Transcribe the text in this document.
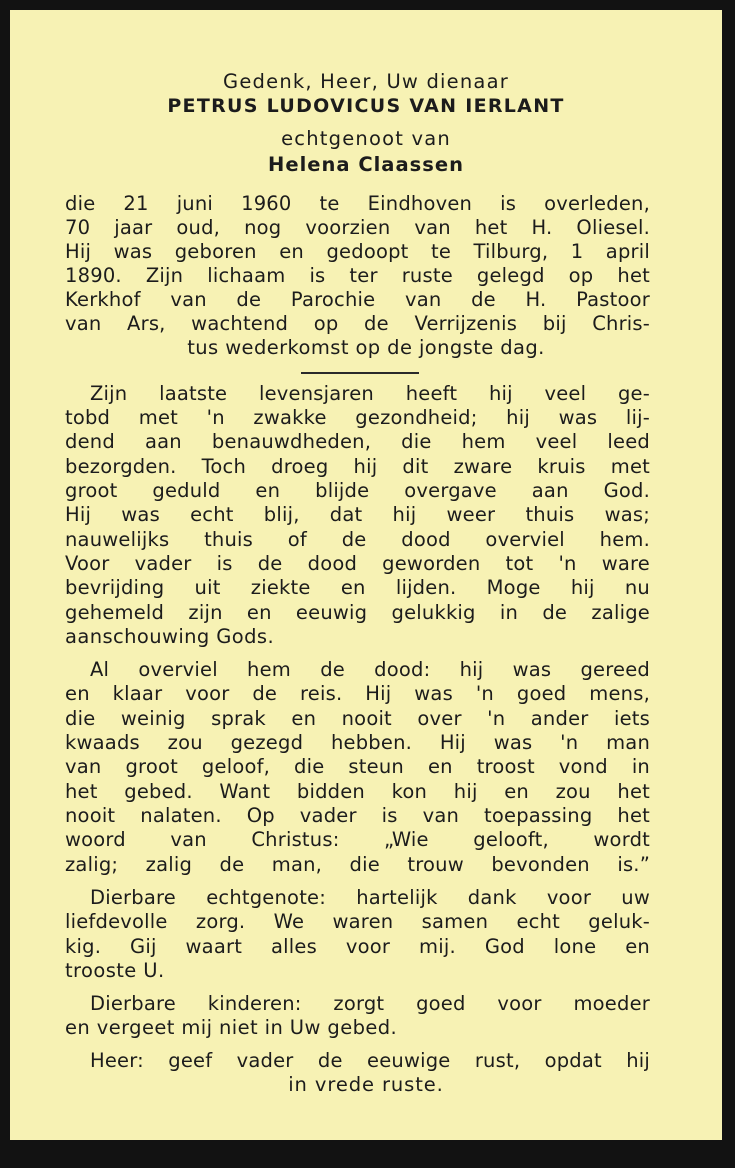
Gedenk, Heer, Uw dienaar

PETRUS LUDOVICUS VAN IERLANT

echtgenoot van

Helena Claassen

die 21 juni 1960 te Eindhoven is overleden,

70 jaar oud, nog voorzien van het H. Oliesel.

Hij was geboren en gedoopt te Tilburg, 1 april

1890. Zijn lichaam is ter ruste gelegd op het

Kerkhof van de Parochie van de H. Pastoor

van Ars, wachtend op de Verrijzenis bij Chris-

tus wederkomst op de jongste dag.

Zijn laatste levensjaren heeft hij veel ge-

tobd met 'n zwakke gezondheid; hij was lij-

dend aan benauwdheden, die hem veel leed

bezorgden. Toch droeg hij dit zware kruis met

groot geduld en blijde overgave aan God.

Hij was echt blij, dat hij weer thuis was;

nauwelijks thuis of de dood overviel hem.

Voor vader is de dood geworden tot 'n ware

bevrijding uit ziekte en lijden. Moge hij nu

gehemeld zijn en eeuwig gelukkig in de zalige

aanschouwing Gods.

Al overviel hem de dood: hij was gereed

en klaar voor de reis. Hij was 'n goed mens,

die weinig sprak en nooit over 'n ander iets

kwaads zou gezegd hebben. Hij was 'n man

van groot geloof, die steun en troost vond in

het gebed. Want bidden kon hij en zou het

nooit nalaten. Op vader is van toepassing het

woord van Christus: „Wie gelooft, wordt

zalig; zalig de man, die trouw bevonden is.”

Dierbare echtgenote: hartelijk dank voor uw

liefdevolle zorg. We waren samen echt geluk-

kig. Gij waart alles voor mij. God lone en

trooste U.

Dierbare kinderen: zorgt goed voor moeder

en vergeet mij niet in Uw gebed.

Heer: geef vader de eeuwige rust, opdat hij

in vrede ruste.
